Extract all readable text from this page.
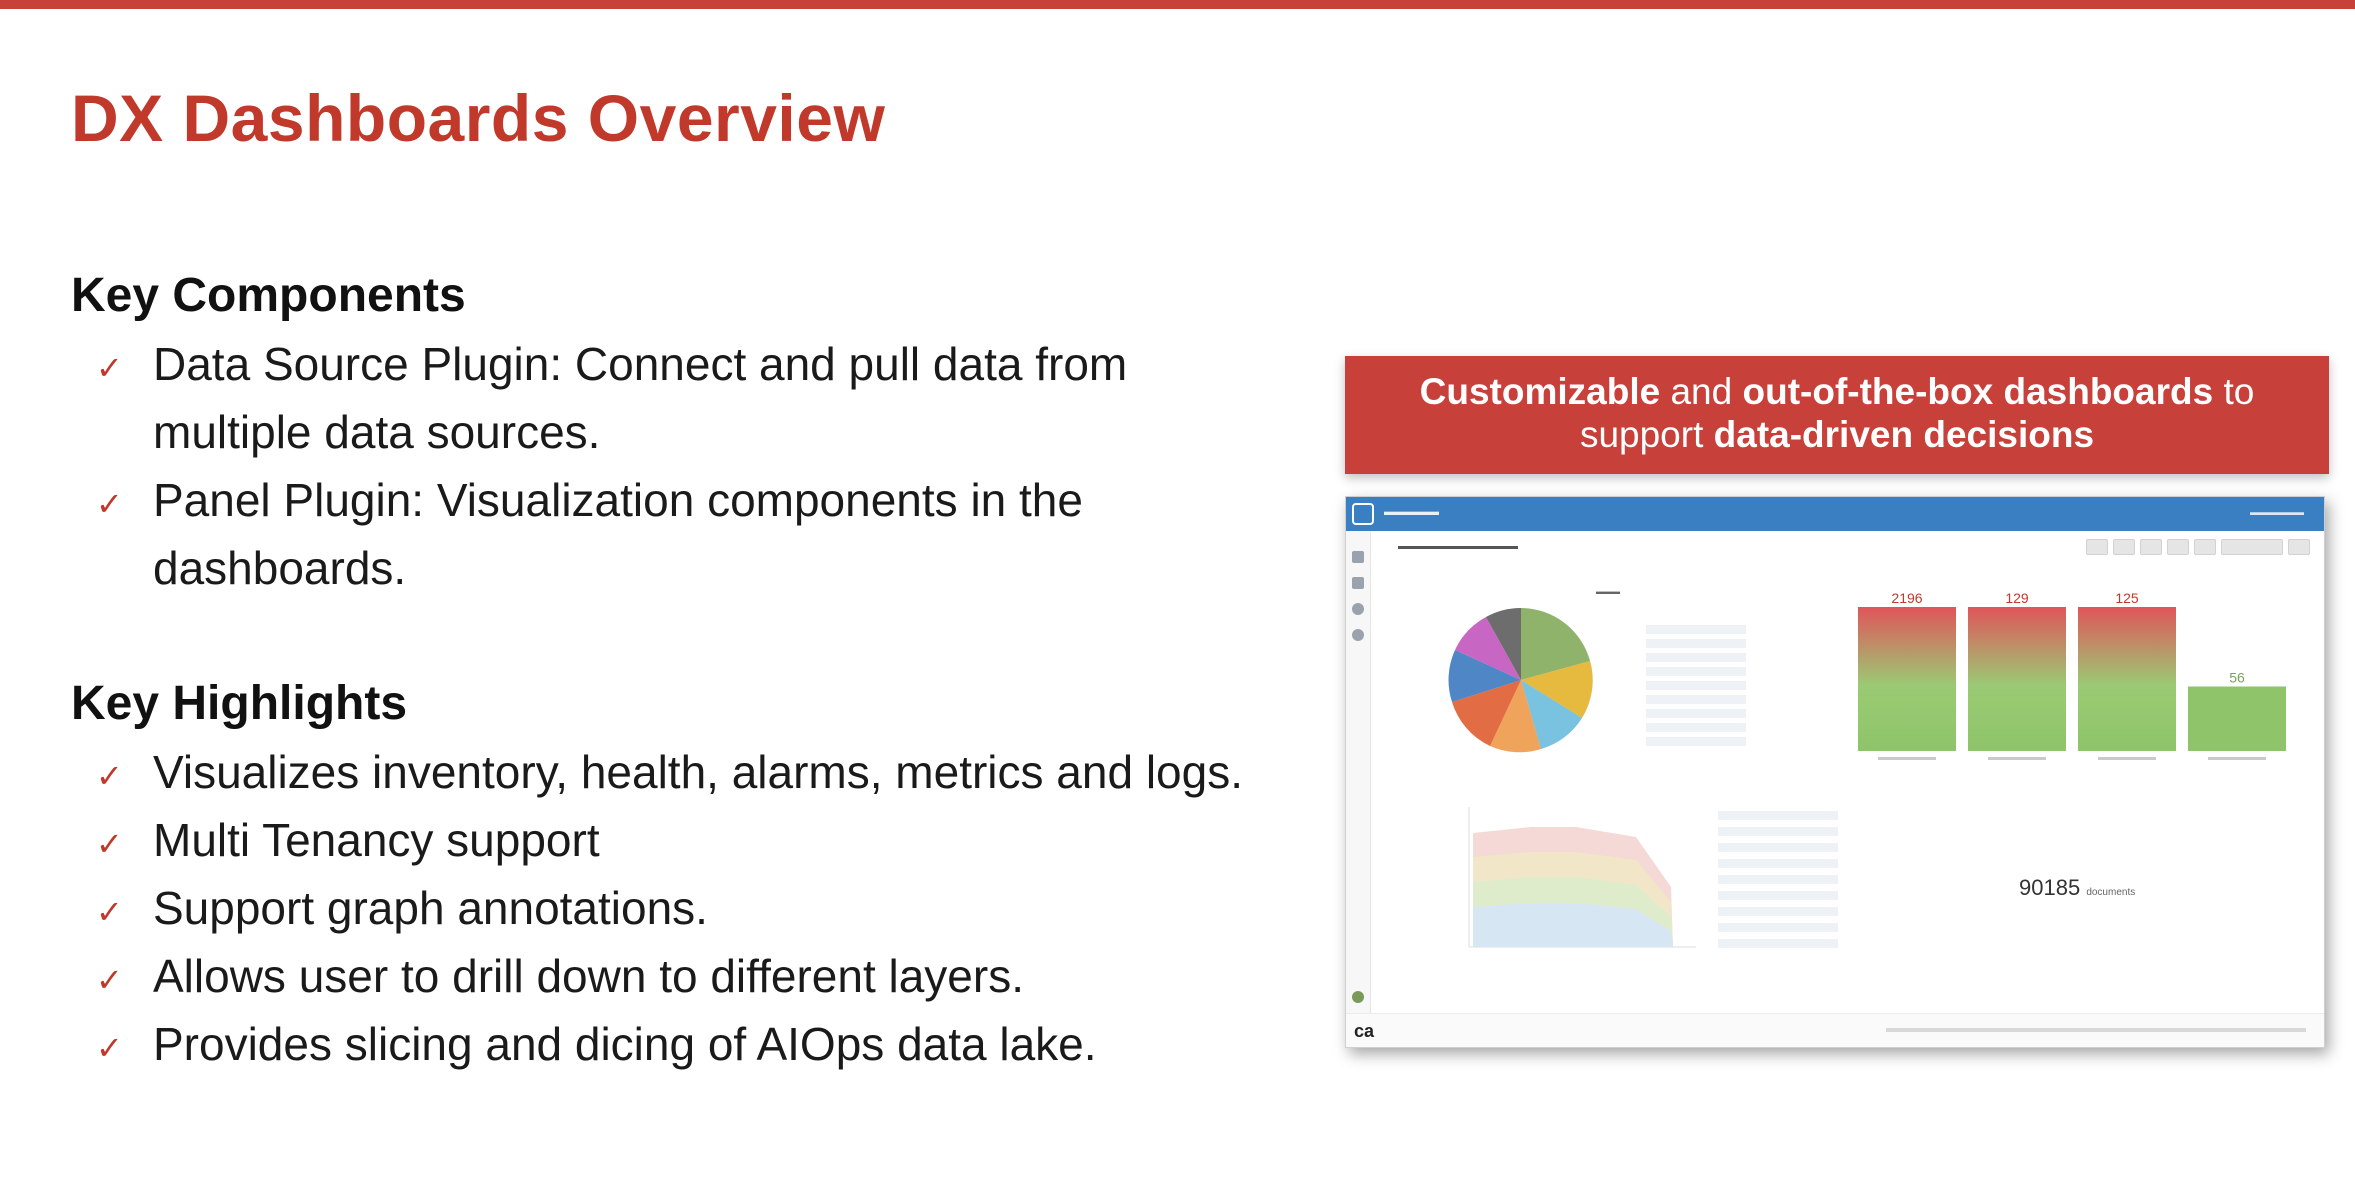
DX Dashboards Overview
Key Components
✓ Data Source Plugin: Connect and pull data from multiple data sources.
✓ Panel Plugin: Visualization components in the dashboards.
Key Highlights
✓ Visualizes inventory, health, alarms, metrics and logs.
✓ Multi Tenancy support
✓ Support graph annotations.
✓ Allows user to drill down to different layers.
✓ Provides slicing and dicing of AIOps data lake.
Customizable and out-of-the-box dashboards to
support data-driven decisions
▬▬▬▬▬	▬▬▬▬▬▬
▬▬▬▬▬▬▬▬▬▬▬▬
▬▬▬	2196	129	125
56
90185 documents
ca
